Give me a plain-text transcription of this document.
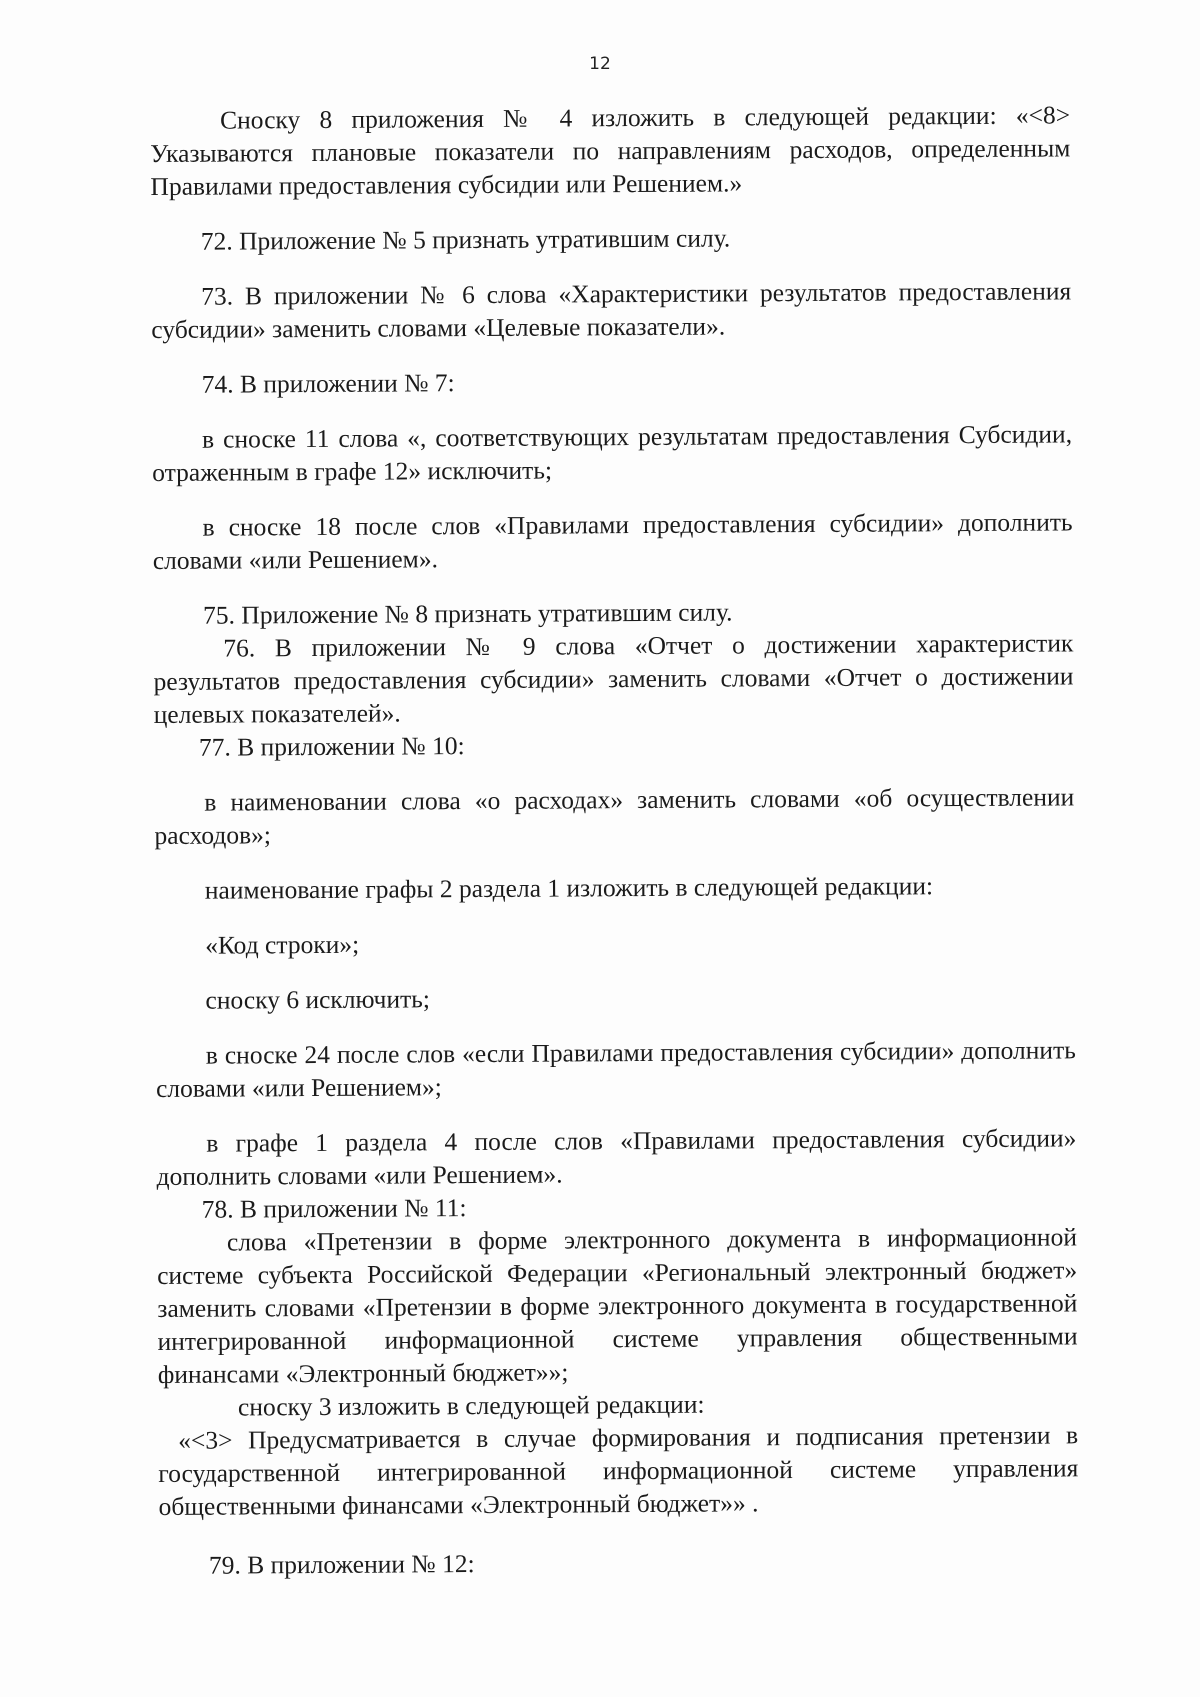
12

Сноску 8 приложения № 4 изложить в следующей редакции: «<8> Указываются плановые показатели по направлениям расходов, определенным Правилами предоставления субсидии или Решением.»

72. Приложение № 5 признать утратившим силу.

73. В приложении № 6 слова «Характеристики результатов предоставления субсидии» заменить словами «Целевые показатели».

74. В приложении № 7:

в сноске 11 слова «, соответствующих результатам предоставления Субсидии, отраженным в графе 12» исключить;

в сноске 18 после слов «Правилами предоставления субсидии» дополнить словами «или Решением».

75. Приложение № 8 признать утратившим силу.

76. В приложении № 9 слова «Отчет о достижении характеристик результатов предоставления субсидии» заменить словами «Отчет о достижении целевых показателей».

77. В приложении № 10:

в наименовании слова «о расходах» заменить словами «об осуществлении расходов»;

наименование графы 2 раздела 1 изложить в следующей редакции:

«Код строки»;

сноску 6 исключить;

в сноске 24 после слов «если Правилами предоставления субсидии» дополнить словами «или Решением»;

в графе 1 раздела 4 после слов «Правилами предоставления субсидии» дополнить словами «или Решением».

78. В приложении № 11:

слова «Претензии в форме электронного документа в информационной системе субъекта Российской Федерации «Региональный электронный бюджет» заменить словами «Претензии в форме электронного документа в государственной интегрированной информационной системе управления общественными финансами «Электронный бюджет»»;

сноску 3 изложить в следующей редакции:

«<3> Предусматривается в случае формирования и подписания претензии в государственной интегрированной информационной системе управления общественными финансами «Электронный бюджет»» .

79. В приложении № 12:
